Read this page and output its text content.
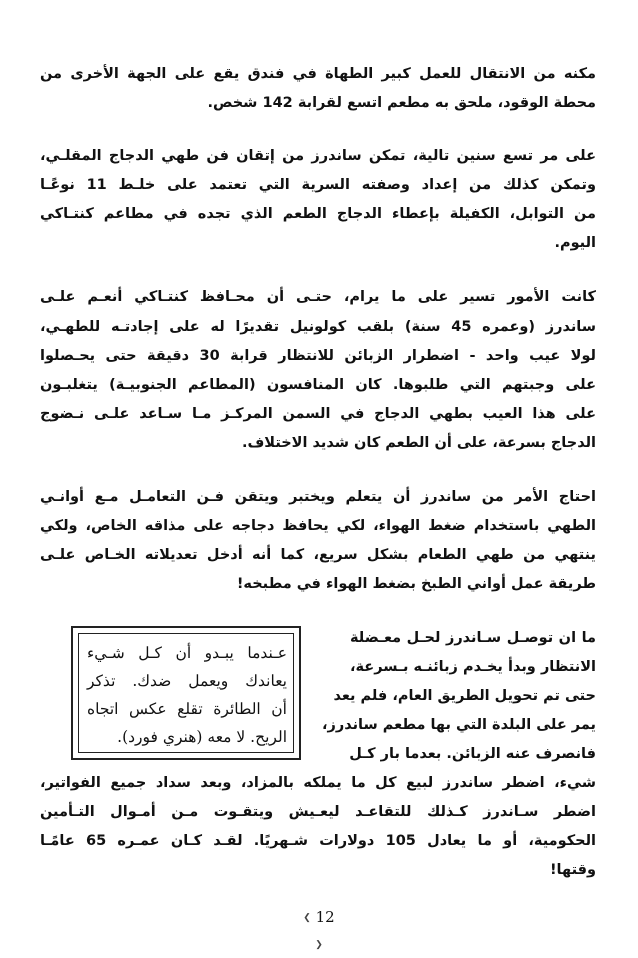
مكنه من الانتقال للعمل كبير الطهاة في فندق يقع على الجهة الأخرى من
محطة الوقود، ملحق به مطعم اتسع لقرابة 142 شخص.
على مر تسع سنين تالية، تمكن ساندرز من إتقان فن طهي الدجاج المقلـي،
وتمكن كذلك من إعداد وصفته السرية التي تعتمد على خلـط 11 نوعًـا
من التوابل، الكفيلة بإعطاء الدجاج الطعم الذي تجده في مطاعم كنتـاكي
اليوم.
كانت الأمور تسير على ما يرام، حتـى أن محـافظ كنتـاكي أنعـم علـى
ساندرز (وعمره 45 سنة) بلقب كولونيل تقديرًا له على إجادتـه للطهـي،
لولا عيب واحد - اضطرار الزبائن للانتظار قرابة 30 دقيقة حتى يحـصلوا
على وجبتهم التي طلبوها. كان المنافسون (المطاعم الجنوبيـة) يتغلبـون
على هذا العيب بطهي الدجاج في السمن المركـز مـا سـاعد علـى نـضوج
الدجاج بسرعة، على أن الطعم كان شديد الاختلاف.
احتاج الأمر من ساندرز أن يتعلم ويختبر ويتقن فـن التعامـل مـع أوانـي
الطهي باستخدام ضغط الهواء، لكي يحافظ دجاجه على مذاقه الخاص، ولكي
ينتهي من طهي الطعام بشكل سريع، كما أنه أدخل تعديلاته الخـاص علـى
طريقة عمل أواني الطبخ بضغط الهواء في مطبخه!
ما ان توصـل سـاندرز لحـل معـضلة
الانتظار وبدأ يخـدم زبائنـه بـسرعة،
حتى تم تحويل الطريق العام، فلم يعد
يمر على البلدة التي بها مطعم ساندرز،
فانصرف عنه الزبائن. بعدما بار كـل
عـندما يبـدو أن كـل شـيء
يعاندك ويعمل ضدك. تذكر
أن الطائرة تقلع عكس اتجاه
الريح. لا معه (هنري فورد).
شيء، اضطر ساندرز لبيع كل ما يملكه بالمزاد، وبعد سداد جميع الفواتير،
اضطر سـاندرز كـذلك للتقاعـد ليعـيش ويتقـوت مـن أمـوال التـأمين
الحكومية، أو ما يعادل 105 دولارات شـهريًا. لقـد كـان عمـره 65 عامًـا
وقتها!
❮ 12 ❯
